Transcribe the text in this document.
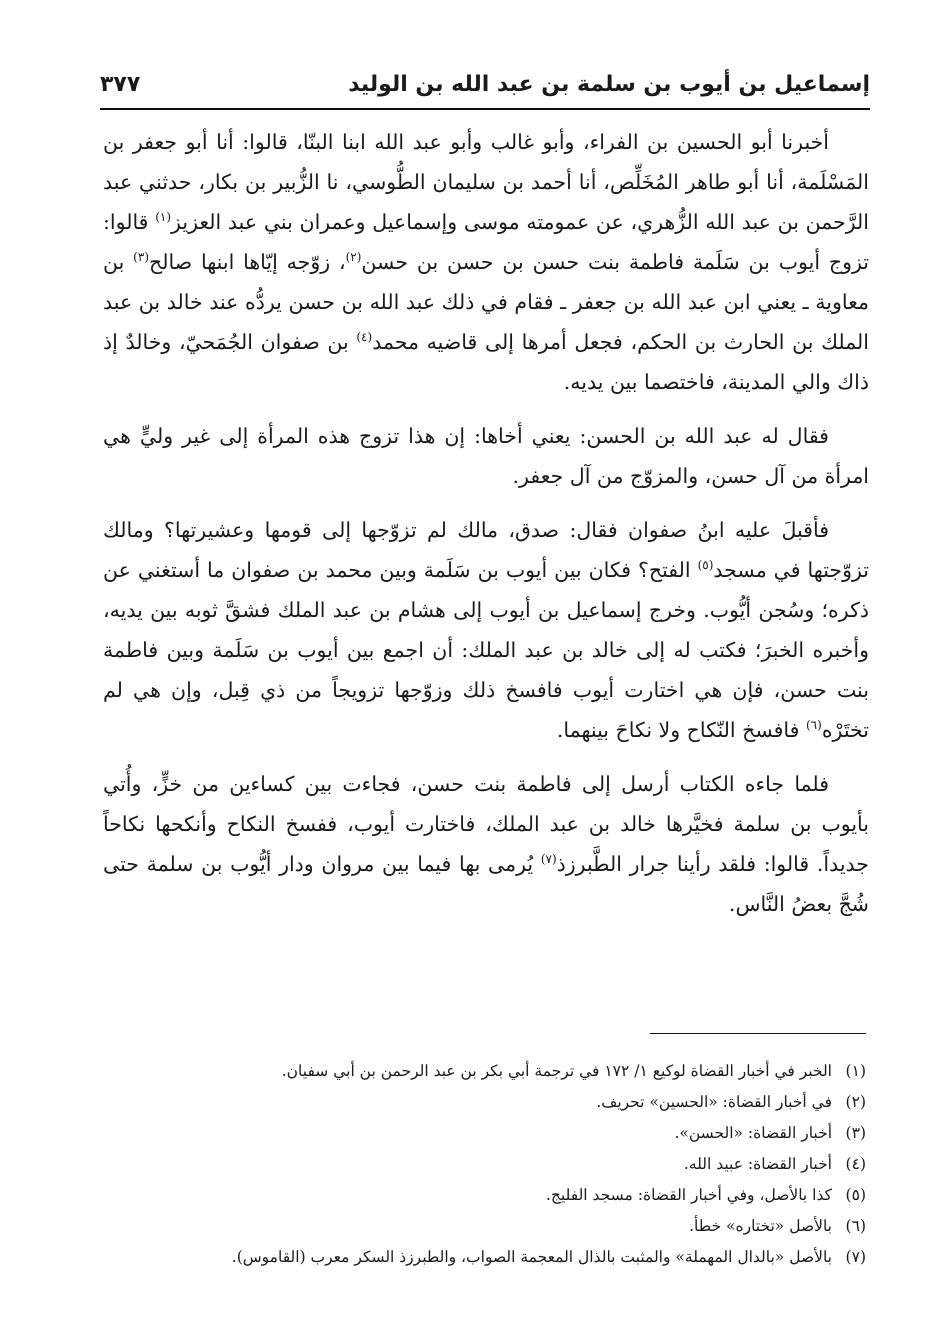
إسماعيل بن أيوب بن سلمة بن عبد الله بن الوليد
٣٧٧

أخبرنا أبو الحسين بن الفراء، وأبو غالب وأبو عبد الله ابنا البنّا، قالوا: أنا أبو جعفر بن المَسْلَمة، أنا أبو طاهر المُخَلِّص، أنا أحمد بن سليمان الطُّوسي، نا الزُّبير بن بكار، حدثني عبد الرَّحمن بن عبد الله الزُّهري، عن عمومته موسى وإسماعيل وعمران بني عبد العزيز$^{(١)}$ قالوا: تزوج أيوب بن سَلَمة فاطمة بنت حسن بن حسن بن حسن$^{(٢)}$، زوّجه إيّاها ابنها صالح$^{(٣)}$ بن معاوية ـ يعني ابن عبد الله بن جعفر ـ فقام في ذلك عبد الله بن حسن يردُّه عند خالد بن عبد الملك بن الحارث بن الحكم، فجعل أمرها إلى قاضيه محمد$^{(٤)}$ بن صفوان الجُمَحيّ، وخالدٌ إذ ذاك والي المدينة، فاختصما بين يديه.

فقال له عبد الله بن الحسن: يعني أخاها: إن هذا تزوج هذه المرأة إلى غير وليٍّ هي امرأة من آل حسن، والمزوّج من آل جعفر.

فأقبلَ عليه ابنُ صفوان فقال: صدق، مالك لم تزوّجها إلى قومها وعشيرتها؟ ومالك تزوّجتها في مسجد$^{(٥)}$ الفتح؟ فكان بين أيوب بن سَلَمة وبين محمد بن صفوان ما أستغني عن ذكره؛ وسُجن أيُّوب. وخرج إسماعيل بن أيوب إلى هشام بن عبد الملك فشقَّ ثوبه بين يديه، وأخبره الخبرَ؛ فكتب له إلى خالد بن عبد الملك: أن اجمع بين أيوب بن سَلَمة وبين فاطمة بنت حسن، فإن هي اختارت أيوب فافسخ ذلك وزوّجها تزويجاً من ذي قِبل، وإن هي لم تختَرْه$^{(٦)}$ فافسخ النّكاح ولا نكاحَ بينهما.

فلما جاءه الكتاب أرسل إلى فاطمة بنت حسن، فجاءت بين كساءين من خزٍّ، وأُتي بأيوب بن سلمة فخيَّرها خالد بن عبد الملك، فاختارت أيوب، ففسخ النكاح وأنكحها نكاحاً جديداً. قالوا: فلقد رأينا جرار الطَّبرزذ$^{(٧)}$ يُرمى بها فيما بين مروان ودار أيُّوب بن سلمة حتى شُجَّ بعضُ النَّاس.

(١)الخبر في أخبار القضاة لوكيع ١/ ١٧٢ في ترجمة أبي بكر بن عبد الرحمن بن أبي سفيان.
(٢)في أخبار القضاة: «الحسين» تحريف.
(٣)أخبار القضاة: «الحسن».
(٤)أخبار القضاة: عبيد الله.
(٥)كذا بالأصل، وفي أخبار القضاة: مسجد الفليج.
(٦)بالأصل «تختاره» خطأ.
(٧)بالأصل «بالدال المهملة» والمثبت بالذال المعجمة الصواب، والطبرزذ السكر معرب (القاموس).
